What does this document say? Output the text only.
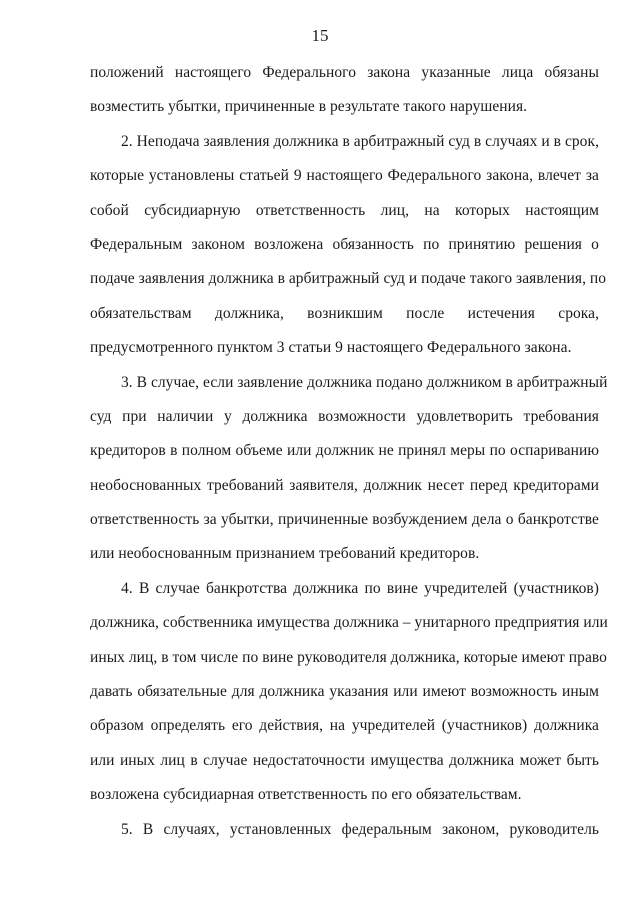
15
положений настоящего Федерального закона указанные лица обязаны
возместить убытки, причиненные в результате такого нарушения.
2. Неподача заявления должника в арбитражный суд в случаях и в срок,
которые установлены статьей 9 настоящего Федерального закона, влечет за
собой субсидиарную ответственность лиц, на которых настоящим
Федеральным законом возложена обязанность по принятию решения о
подаче заявления должника в арбитражный суд и подаче такого заявления, по
обязательствам должника, возникшим после истечения срока,
предусмотренного пунктом 3 статьи 9 настоящего Федерального закона.
3. В случае, если заявление должника подано должником в арбитражный
суд при наличии у должника возможности удовлетворить требования
кредиторов в полном объеме или должник не принял меры по оспариванию
необоснованных требований заявителя, должник несет перед кредиторами
ответственность за убытки, причиненные возбуждением дела о банкротстве
или необоснованным признанием требований кредиторов.
4. В случае банкротства должника по вине учредителей (участников)
должника, собственника имущества должника – унитарного предприятия или
иных лиц, в том числе по вине руководителя должника, которые имеют право
давать обязательные для должника указания или имеют возможность иным
образом определять его действия, на учредителей (участников) должника
или иных лиц в случае недостаточности имущества должника может быть
возложена субсидиарная ответственность по его обязательствам.
5. В случаях, установленных федеральным законом, руководитель
